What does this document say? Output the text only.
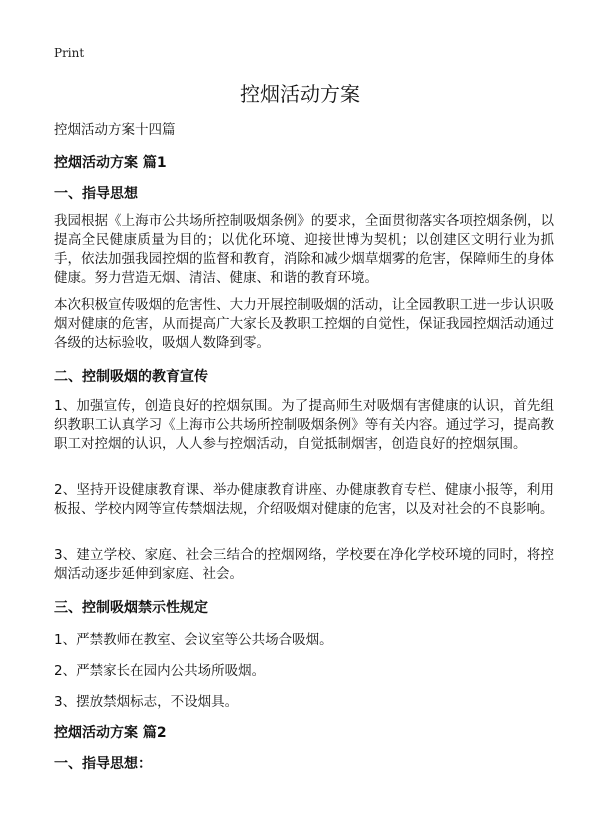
Print
控烟活动方案
控烟活动方案十四篇
控烟活动方案 篇1
一、指导思想

我园根据《上海市公共场所控制吸烟条例》的要求，全面贯彻落实各项控烟条例，以提高全民健康质量为目的；以优化环境、迎接世博为契机；以创建区文明行业为抓手，依法加强我园控烟的监督和教育，消除和减少烟草烟雾的危害，保障师生的身体健康。努力营造无烟、清洁、健康、和谐的教育环境。

本次积极宣传吸烟的危害性、大力开展控制吸烟的活动，让全园教职工进一步认识吸烟对健康的危害，从而提高广大家长及教职工控烟的自觉性，保证我园控烟活动通过各级的达标验收，吸烟人数降到零。

二、控制吸烟的教育宣传

1、加强宣传，创造良好的控烟氛围。为了提高师生对吸烟有害健康的认识，首先组织教职工认真学习《上海市公共场所控制吸烟条例》等有关内容。通过学习，提高教职工对控烟的认识，人人参与控烟活动，自觉抵制烟害，创造良好的控烟氛围。

2、坚持开设健康教育课、举办健康教育讲座、办健康教育专栏、健康小报等，利用板报、学校内网等宣传禁烟法规，介绍吸烟对健康的危害，以及对社会的不良影响。

3、建立学校、家庭、社会三结合的控烟网络，学校要在净化学校环境的同时，将控烟活动逐步延伸到家庭、社会。

三、控制吸烟禁示性规定

1、严禁教师在教室、会议室等公共场合吸烟。

2、严禁家长在园内公共场所吸烟。

3、摆放禁烟标志，不设烟具。

控烟活动方案 篇2
一、指导思想：
